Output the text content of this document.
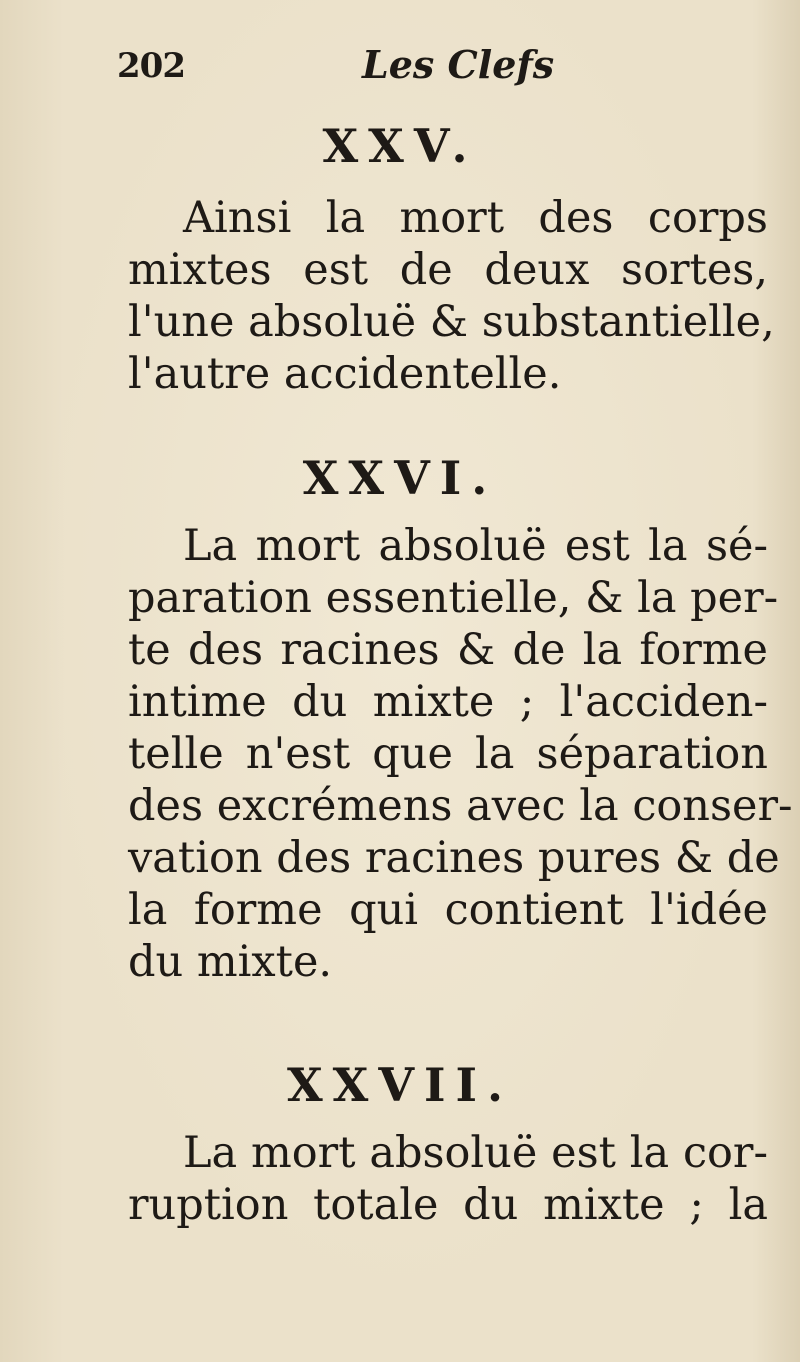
202	Les Clefs

XXV.

Ainsi la mort des corps
mixtes est de deux sortes,
l'une absoluë & substantielle,
l'autre accidentelle.

XXVI.

La mort absoluë est la sé-
paration essentielle, & la per-
te des racines & de la forme
intime du mixte ; l'acciden-
telle n'est que la séparation
des excrémens avec la conser-
vation des racines pures & de
la forme qui contient l'idée
du mixte.

XXVII.

La mort absoluë est la cor-
ruption totale du mixte ; la
